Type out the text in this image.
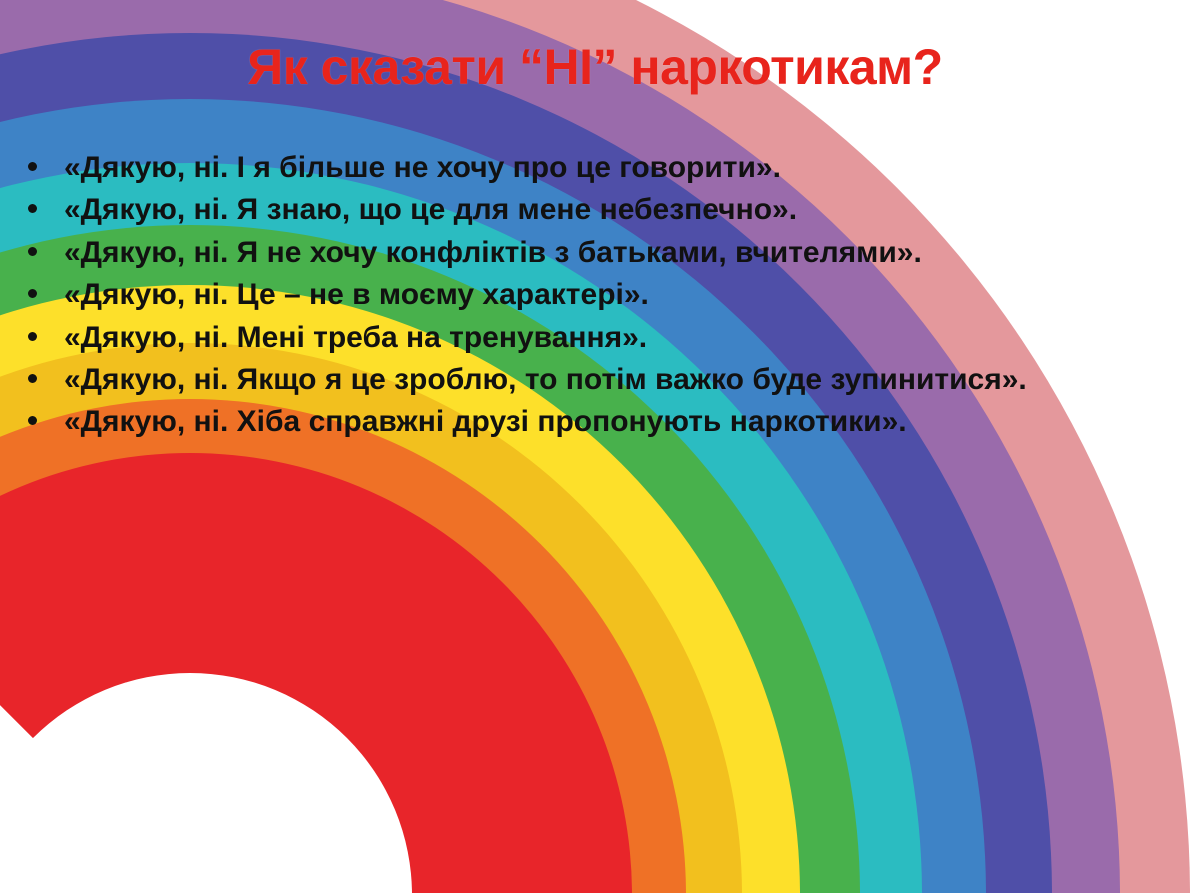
Як сказати “НІ” наркотикам?
«Дякую, ні. І я більше не хочу про це говорити».
«Дякую, ні. Я знаю, що це для мене небезпечно».
«Дякую, ні. Я не хочу конфліктів з батьками, вчителями».
«Дякую, ні. Це – не в моєму характері».
«Дякую, ні. Мені треба на тренування».
«Дякую, ні. Якщо я це зроблю, то потім важко буде зупинитися».
«Дякую, ні. Хіба справжні друзі пропонують наркотики».
